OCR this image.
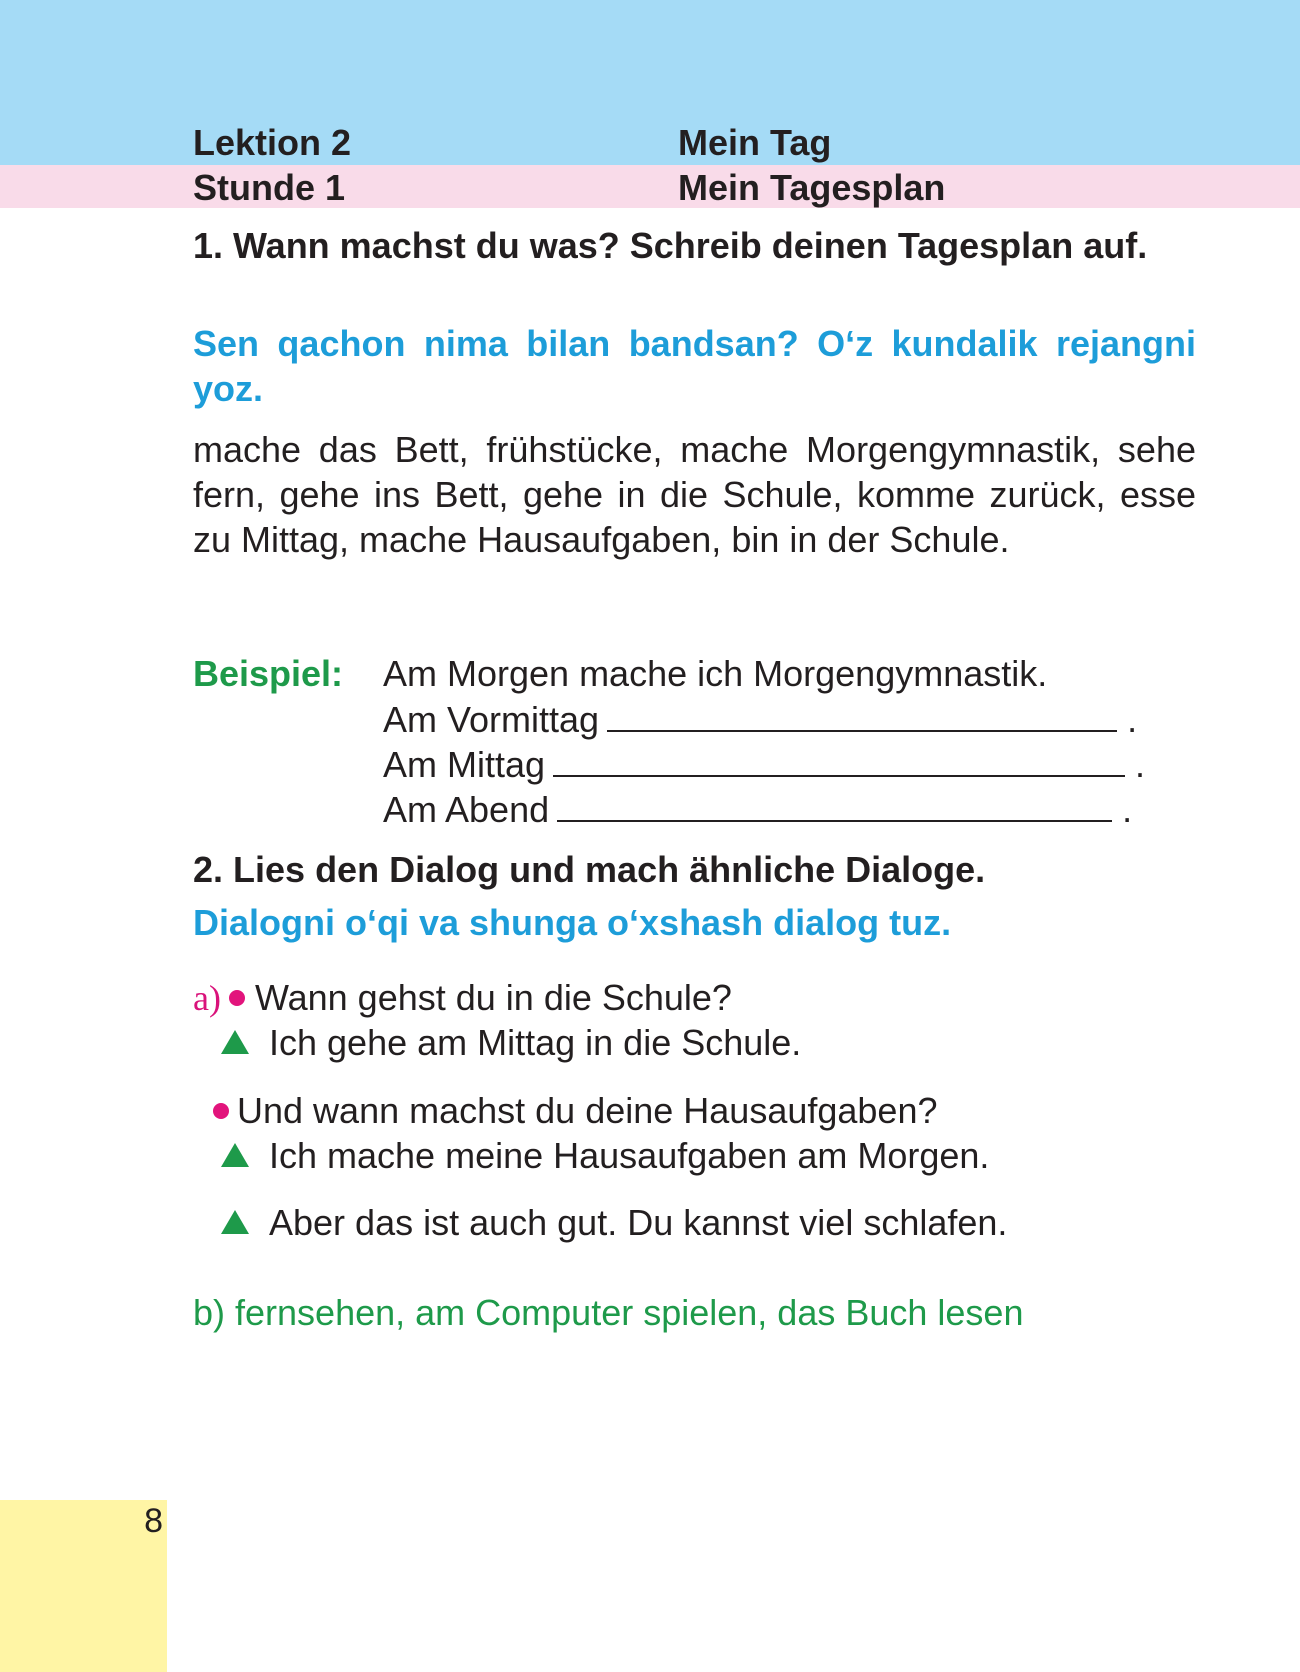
Lektion 2	Mein Tag
Stunde 1	Mein Tagesplan
1. Wann machst du was? Schreib deinen Tagesplan auf.
Sen qachon nima bilan bandsan? O‘z kundalik rejangni yoz.
mache das Bett, frühstücke, mache Morgengymnastik, sehe fern, gehe ins Bett, gehe in die Schule, komme zurück, esse zu Mittag, mache Hausaufgaben, bin in der Schule.
Beispiel: Am Morgen mache ich Morgengymnastik.
Am Vormittag	.
Am Mittag	.
Am Abend	.
2. Lies den Dialog und mach ähnliche Dialoge.
Dialogni o‘qi va shunga o‘xshash dialog tuz.
a) Wann gehst du in die Schule?
Ich gehe am Mittag in die Schule.
Und wann machst du deine Hausaufgaben?
Ich mache meine Hausaufgaben am Morgen.
Aber das ist auch gut. Du kannst viel schlafen.
b) fernsehen, am Computer spielen, das Buch lesen
8
